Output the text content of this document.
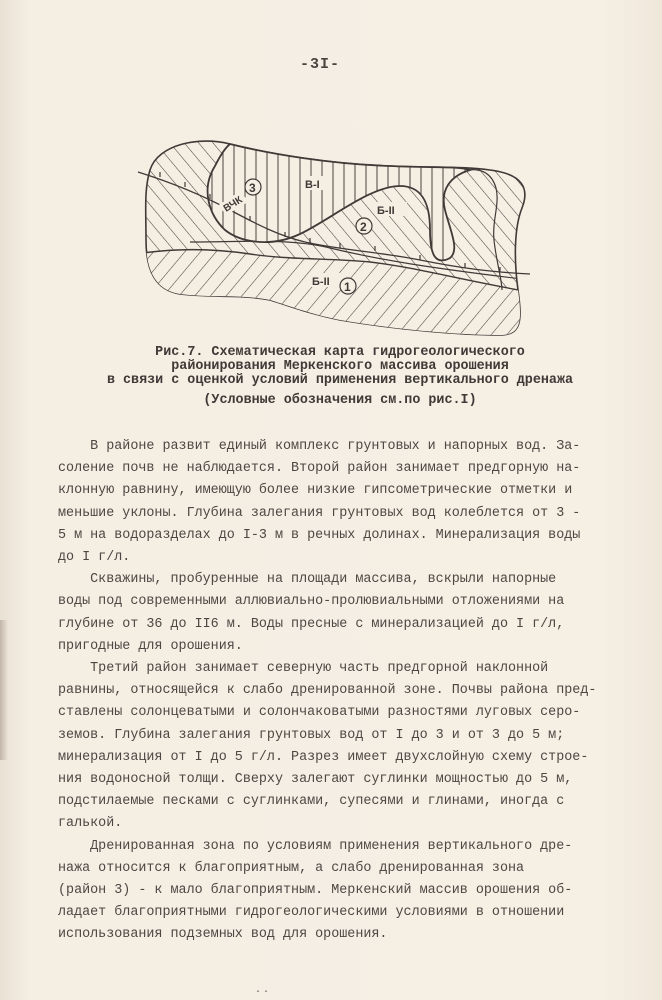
-3I-
3	В-I
Б-II
2
Б-II 1
ВЧК
Рис.7. Схематическая карта гидрогеологического
районирования Меркенского массива орошения
в связи с оценкой условий применения вертикального дренажа
(Условные обозначения см.по рис.I)

В районе развит единый комплекс грунтовых и напорных вод. За-
соление почв не наблюдается. Второй район занимает предгорную на-
клонную равнину, имеющую более низкие гипсометрические отметки и
меньшие уклоны. Глубина залегания грунтовых вод колеблется от 3 -
5 м на водоразделах до I-3 м в речных долинах. Минерализация воды
до I г/л.

Скважины, пробуренные на площади массива, вскрыли напорные
воды под современными аллювиально-пролювиальными отложениями на
глубине от 36 до II6 м. Воды пресные с минерализацией до I г/л,
пригодные для орошения.

Третий район занимает северную часть предгорной наклонной
равнины, относящейся к слабо дренированной зоне. Почвы района пред-
ставлены солонцеватыми и солончаковатыми разностями луговых серо-
земов. Глубина залегания грунтовых вод от I до 3 и от 3 до 5 м;
минерализация от I до 5 г/л. Разрез имеет двухслойную схему строе-
ния водоносной толщи. Сверху залегают суглинки мощностью до 5 м,
подстилаемые песками с суглинками, супесями и глинами, иногда с
галькой.

Дренированная зона по условиям применения вертикального дре-
нажа относится к благоприятным, а слабо дренированная зона
(район 3) - к мало благоприятным. Меркенский массив орошения об-
ладает благоприятными гидрогеологическими условиями в отношении
использования подземных вод для орошения.

..
